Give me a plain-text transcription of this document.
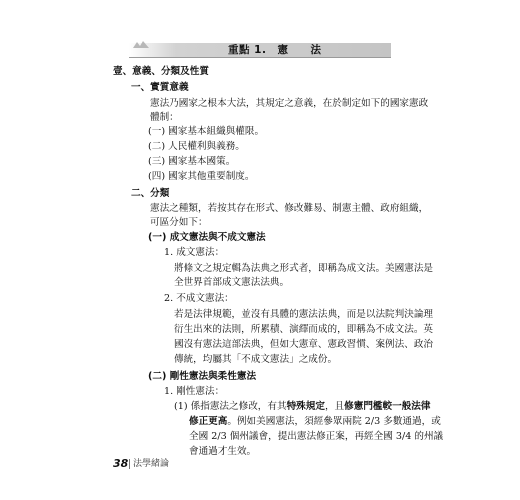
重點 1.　憲　　法
壹、意義、分類及性質
一、實質意義
憲法乃國家之根本大法，其規定之意義，在於制定如下的國家憲政
體制：
(一) 國家基本組織與權限。
(二) 人民權利與義務。
(三) 國家基本國策。
(四) 國家其他重要制度。
二、分類
憲法之種類，若按其存在形式、修改難易、制憲主體、政府組織，
可區分如下：
(一) 成文憲法與不成文憲法
1. 成文憲法：
將條文之規定輯為法典之形式者，即稱為成文法。美國憲法是
全世界首部成文憲法法典。
2. 不成文憲法：
若是法律規範，並沒有具體的憲法法典，而是以法院判決論理
衍生出來的法則，所累積、演繹而成的，即稱為不成文法。英
國沒有憲法這部法典，但如大憲章、憲政習慣、案例法、政治
傳統，均屬其「不成文憲法」之成份。
(二) 剛性憲法與柔性憲法
1. 剛性憲法：
(1) 係指憲法之修改，有其特殊規定，且修憲門檻較一般法律
修正更高。例如美國憲法，須經參眾兩院 2/3 多數通過，或
全國 2/3 個州議會，提出憲法修正案，再經全國 3/4 的州議
會通過才生效。
38 法學緒論
